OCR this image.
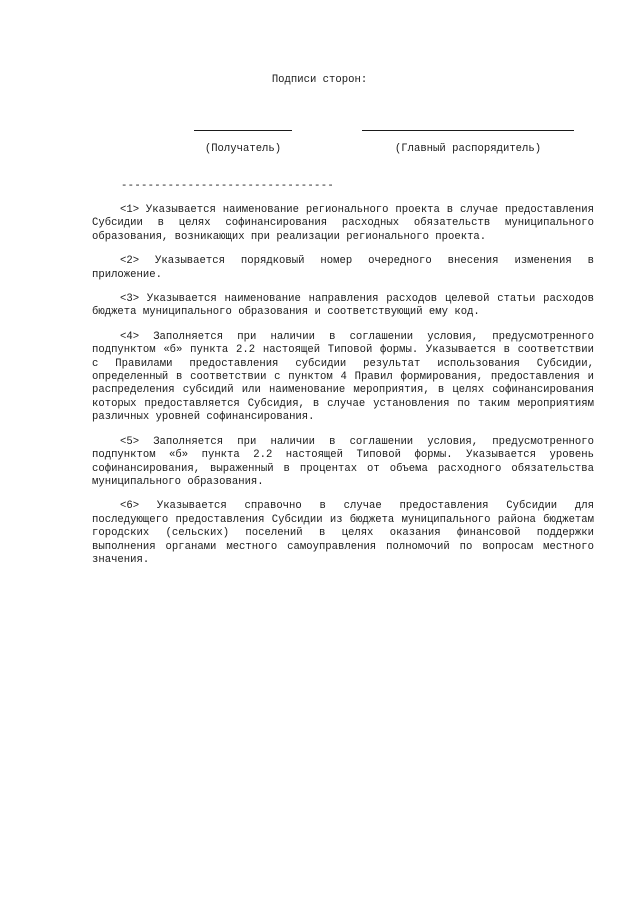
Подписи сторон:

(Получатель)	(Главный распорядитель)

--------------------------------

<1> Указывается наименование регионального проекта в случае предоставления Субсидии в целях софинансирования расходных обязательств муниципального образования, возникающих при реализации регионального проекта.

<2> Указывается порядковый номер очередного внесения изменения в приложение.

<3> Указывается наименование направления расходов целевой статьи расходов бюджета муниципального образования и соответствующий ему код.

<4> Заполняется при наличии в соглашении условия, предусмотренного подпунктом «б» пункта 2.2 настоящей Типовой формы. Указывается в соответствии с Правилами предоставления субсидии результат использования Субсидии, определенный в соответствии с пунктом 4 Правил формирования, предоставления и распределения субсидий или наименование мероприятия, в целях софинансирования которых предоставляется Субсидия, в случае установления по таким мероприятиям различных уровней софинансирования.

<5> Заполняется при наличии в соглашении условия, предусмотренного подпунктом «б» пункта 2.2 настоящей Типовой формы. Указывается уровень софинансирования, выраженный в процентах от объема расходного обязательства муниципального образования.

<6> Указывается справочно в случае предоставления Субсидии для последующего предоставления Субсидии из бюджета муниципального района бюджетам городских (сельских) поселений в целях оказания финансовой поддержки выполнения органами местного самоуправления полномочий по вопросам местного значения.
